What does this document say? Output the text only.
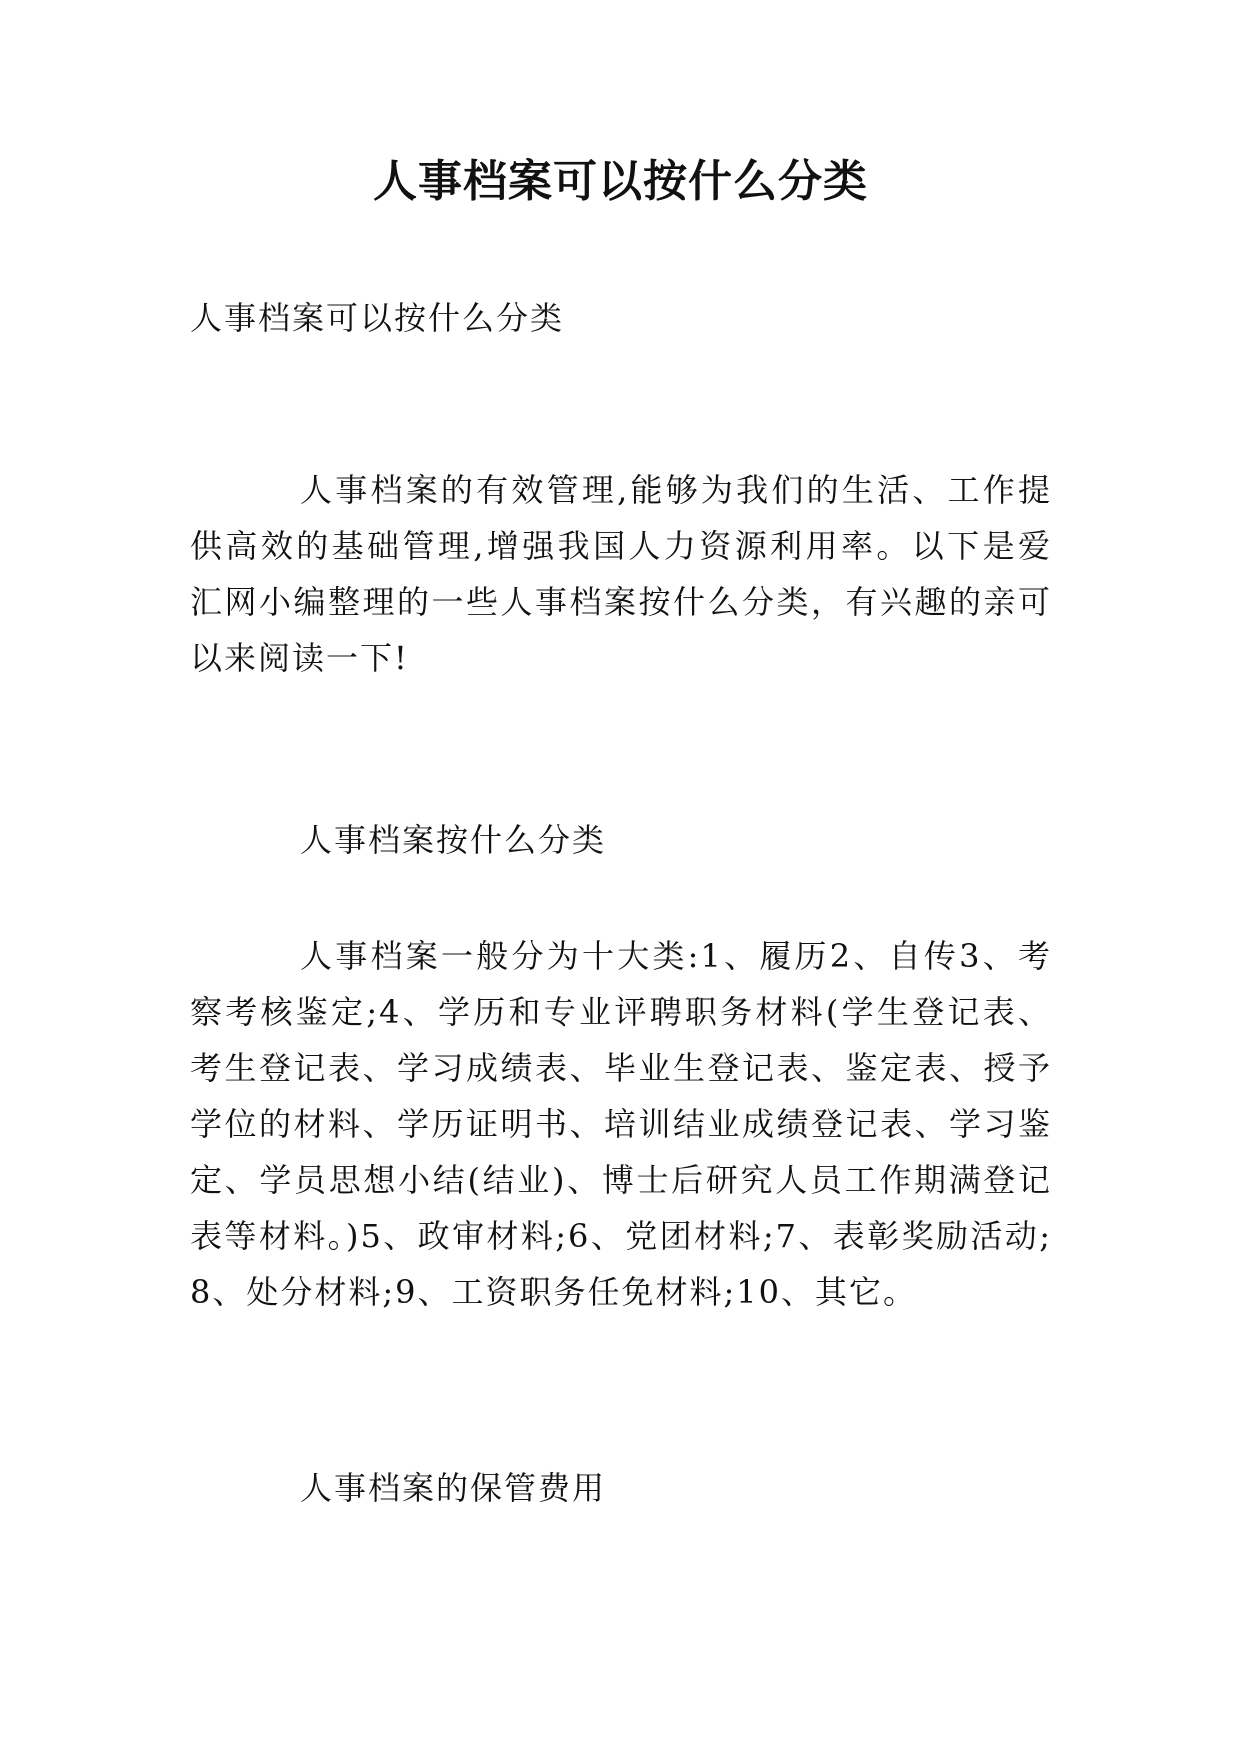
人事档案可以按什么分类

人事档案可以按什么分类

人事档案的有效管理,能够为我们的生活、工作提供高效的基础管理,增强我国人力资源利用率。以下是爱汇网小编整理的一些人事档案按什么分类，有兴趣的亲可以来阅读一下!

人事档案按什么分类

人事档案一般分为十大类:1、履历2、自传3、考察考核鉴定;4、学历和专业评聘职务材料(学生登记表、考生登记表、学习成绩表、毕业生登记表、鉴定表、授予学位的材料、学历证明书、培训结业成绩登记表、学习鉴定、学员思想小结(结业)、博士后研究人员工作期满登记表等材料。)5、政审材料;6、党团材料;7、表彰奖励活动;8、处分材料;9、工资职务任免材料;10、其它。

人事档案的保管费用
